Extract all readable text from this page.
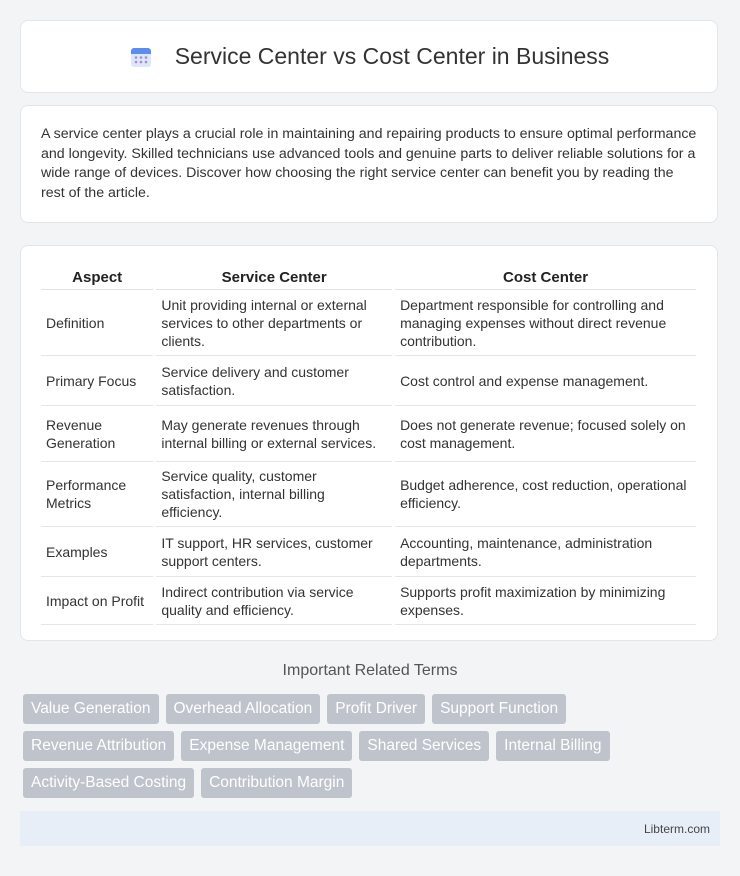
Service Center vs Cost Center in Business

A service center plays a crucial role in maintaining and repairing products to ensure optimal performance and longevity. Skilled technicians use advanced tools and genuine parts to deliver reliable solutions for a wide range of devices. Discover how choosing the right service center can benefit you by reading the rest of the article.

Aspect	Service Center	Cost Center
Definition	Unit providing internal or external services to other departments or clients.	Department responsible for controlling and managing expenses without direct revenue contribution.
Primary Focus	Service delivery and customer satisfaction.	Cost control and expense management.
Revenue Generation	May generate revenues through internal billing or external services.	Does not generate revenue; focused solely on cost management.
Performance Metrics	Service quality, customer satisfaction, internal billing efficiency.	Budget adherence, cost reduction, operational efficiency.
Examples	IT support, HR services, customer support centers.	Accounting, maintenance, administration departments.
Impact on Profit	Indirect contribution via service quality and efficiency.	Supports profit maximization by minimizing expenses.
Important Related Terms
Value Generation	Overhead Allocation	Profit Driver	Support Function
Revenue Attribution	Expense Management	Shared Services	Internal Billing
Activity-Based Costing	Contribution Margin
Libterm.com
